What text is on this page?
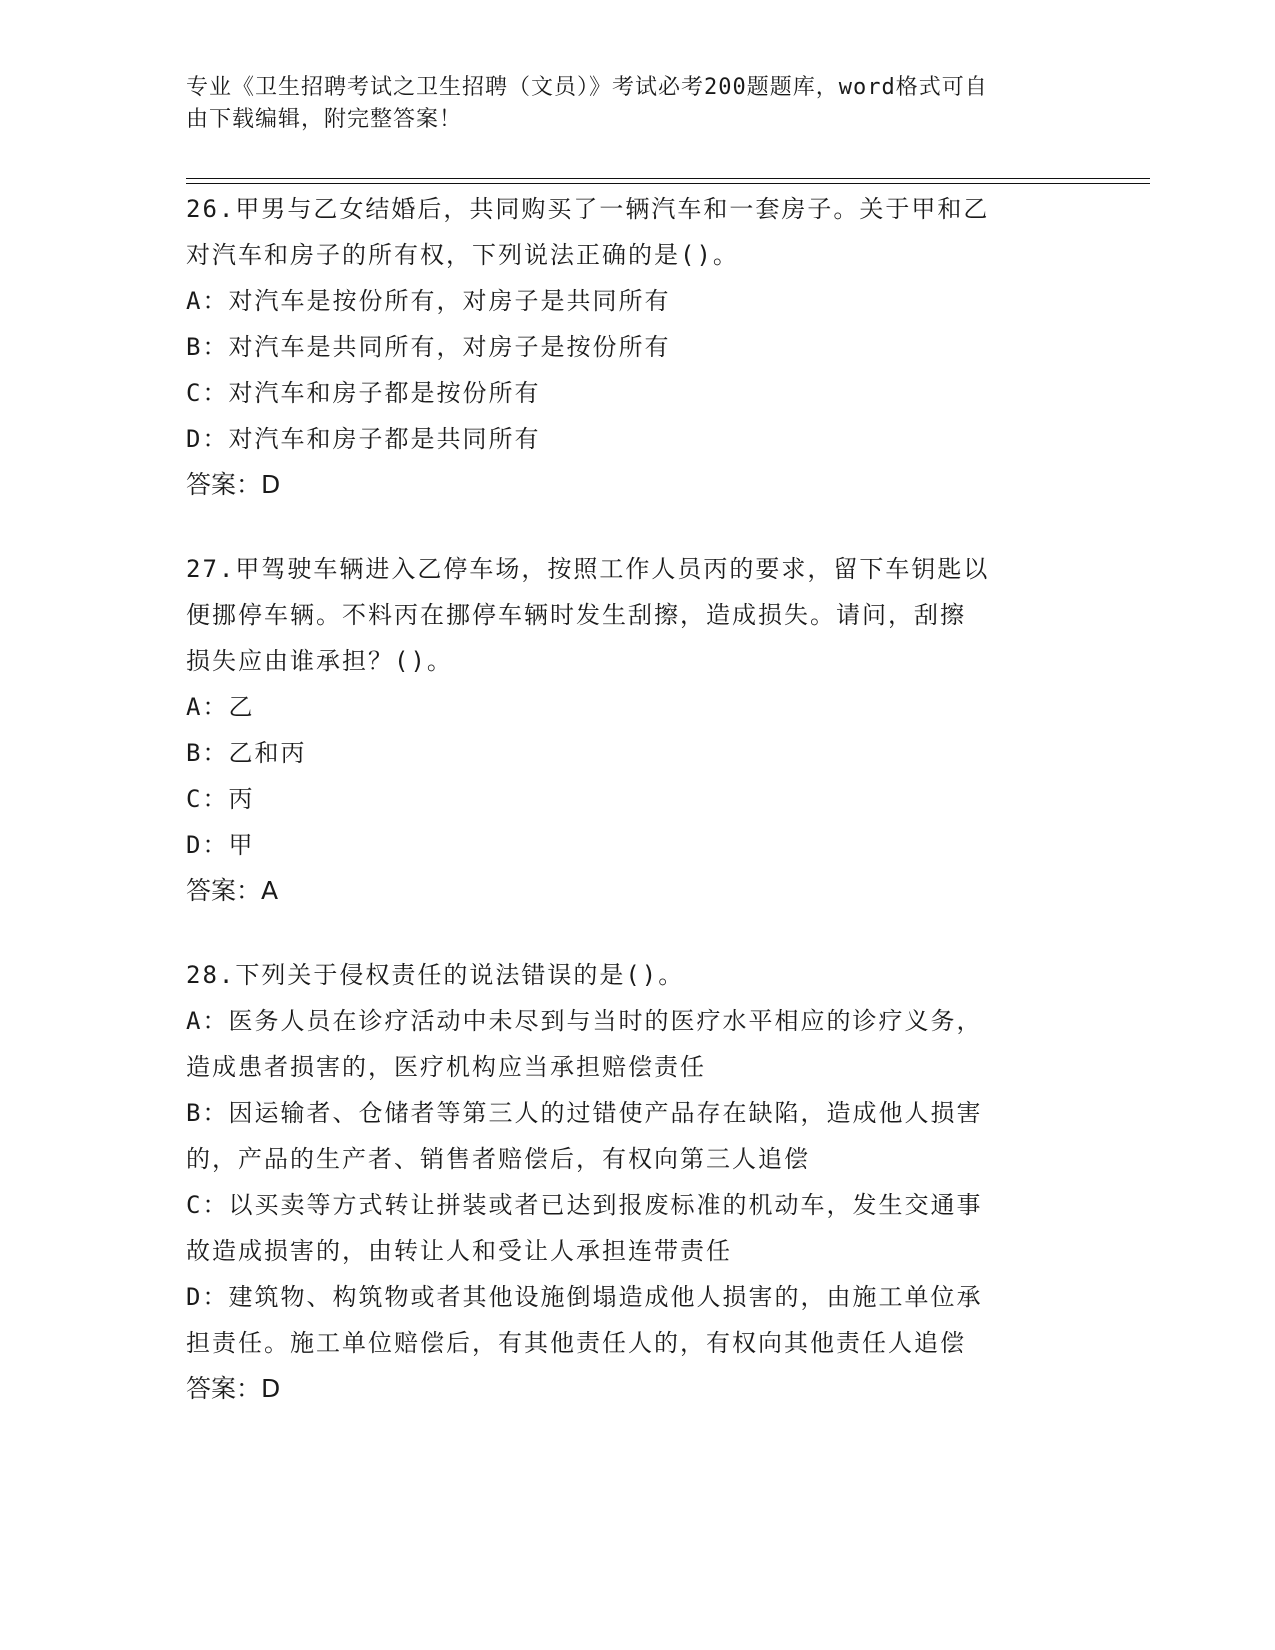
专业《卫生招聘考试之卫生招聘（文员）》考试必考200题题库，word格式可自
由下载编辑，附完整答案！
26.甲男与乙女结婚后，共同购买了一辆汽车和一套房子。关于甲和乙
对汽车和房子的所有权，下列说法正确的是()。
A：对汽车是按份所有，对房子是共同所有
B：对汽车是共同所有，对房子是按份所有
C：对汽车和房子都是按份所有
D：对汽车和房子都是共同所有
答案：D
27.甲驾驶车辆进入乙停车场，按照工作人员丙的要求，留下车钥匙以
便挪停车辆。不料丙在挪停车辆时发生刮擦，造成损失。请问，刮擦
损失应由谁承担？()。
A：乙
B：乙和丙
C：丙
D：甲
答案：A
28.下列关于侵权责任的说法错误的是()。
A：医务人员在诊疗活动中未尽到与当时的医疗水平相应的诊疗义务，
造成患者损害的，医疗机构应当承担赔偿责任
B：因运输者、仓储者等第三人的过错使产品存在缺陷，造成他人损害
的，产品的生产者、销售者赔偿后，有权向第三人追偿
C：以买卖等方式转让拼装或者已达到报废标准的机动车，发生交通事
故造成损害的，由转让人和受让人承担连带责任
D：建筑物、构筑物或者其他设施倒塌造成他人损害的，由施工单位承
担责任。施工单位赔偿后，有其他责任人的，有权向其他责任人追偿
答案：D
